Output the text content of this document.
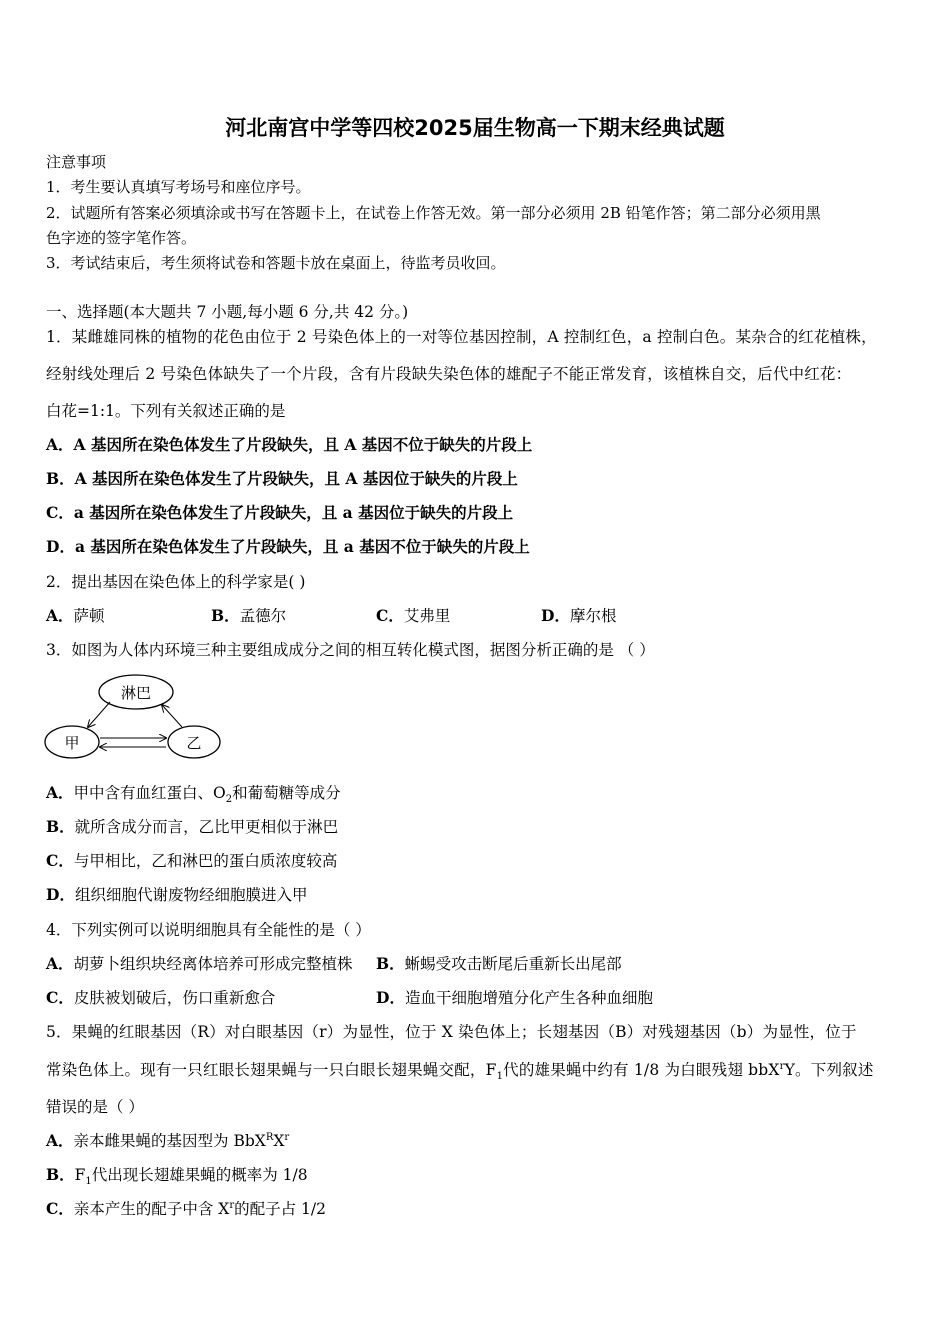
河北南宫中学等四校2025届生物高一下期末经典试题
注意事项
1．考生要认真填写考场号和座位序号。
2．试题所有答案必须填涂或书写在答题卡上，在试卷上作答无效。第一部分必须用 2B 铅笔作答；第二部分必须用黑
色字迹的签字笔作答。
3．考试结束后，考生须将试卷和答题卡放在桌面上，待监考员收回。
一、选择题(本大题共 7 小题,每小题 6 分,共 42 分。)
1．某雌雄同株的植物的花色由位于 2 号染色体上的一对等位基因控制，A 控制红色，a 控制白色。某杂合的红花植株，
经射线处理后 2 号染色体缺失了一个片段，含有片段缺失染色体的雄配子不能正常发育，该植株自交，后代中红花：
白花=1:1。下列有关叙述正确的是
A．A 基因所在染色体发生了片段缺失，且 A 基因不位于缺失的片段上
B．A 基因所在染色体发生了片段缺失，且 A 基因位于缺失的片段上
C．a 基因所在染色体发生了片段缺失，且 a 基因位于缺失的片段上
D．a 基因所在染色体发生了片段缺失，且 a 基因不位于缺失的片段上
2．提出基因在染色体上的科学家是( )
A．萨顿	B．孟德尔	C．艾弗里	D．摩尔根
3．如图为人体内环境三种主要组成成分之间的相互转化模式图，据图分析正确的是 （ ）
淋巴
甲	乙
A．甲中含有血红蛋白、$O_2$和葡萄糖等成分
B．就所含成分而言，乙比甲更相似于淋巴
C．与甲相比，乙和淋巴的蛋白质浓度较高
D．组织细胞代谢废物经细胞膜进入甲
4．下列实例可以说明细胞具有全能性的是（ ）
A．胡萝卜组织块经离体培养可形成完整植株 B．蜥蜴受攻击断尾后重新长出尾部
C．皮肤被划破后，伤口重新愈合	D．造血干细胞增殖分化产生各种血细胞
5．果蝇的红眼基因（R）对白眼基因（r）为显性，位于 X 染色体上；长翅基因（B）对残翅基因（b）为显性，位于
常染色体上。现有一只红眼长翅果蝇与一只白眼长翅果蝇交配，$F_1$代的雄果蝇中约有 1/8 为白眼残翅 bbX$^r$Y。下列叙述
错误的是（ ）
A．亲本雌果蝇的基因型为 $BbX^RX^r$
B．$F_1$代出现长翅雄果蝇的概率为 1/8
C．亲本产生的配子中含 $X^r$的配子占 1/2
